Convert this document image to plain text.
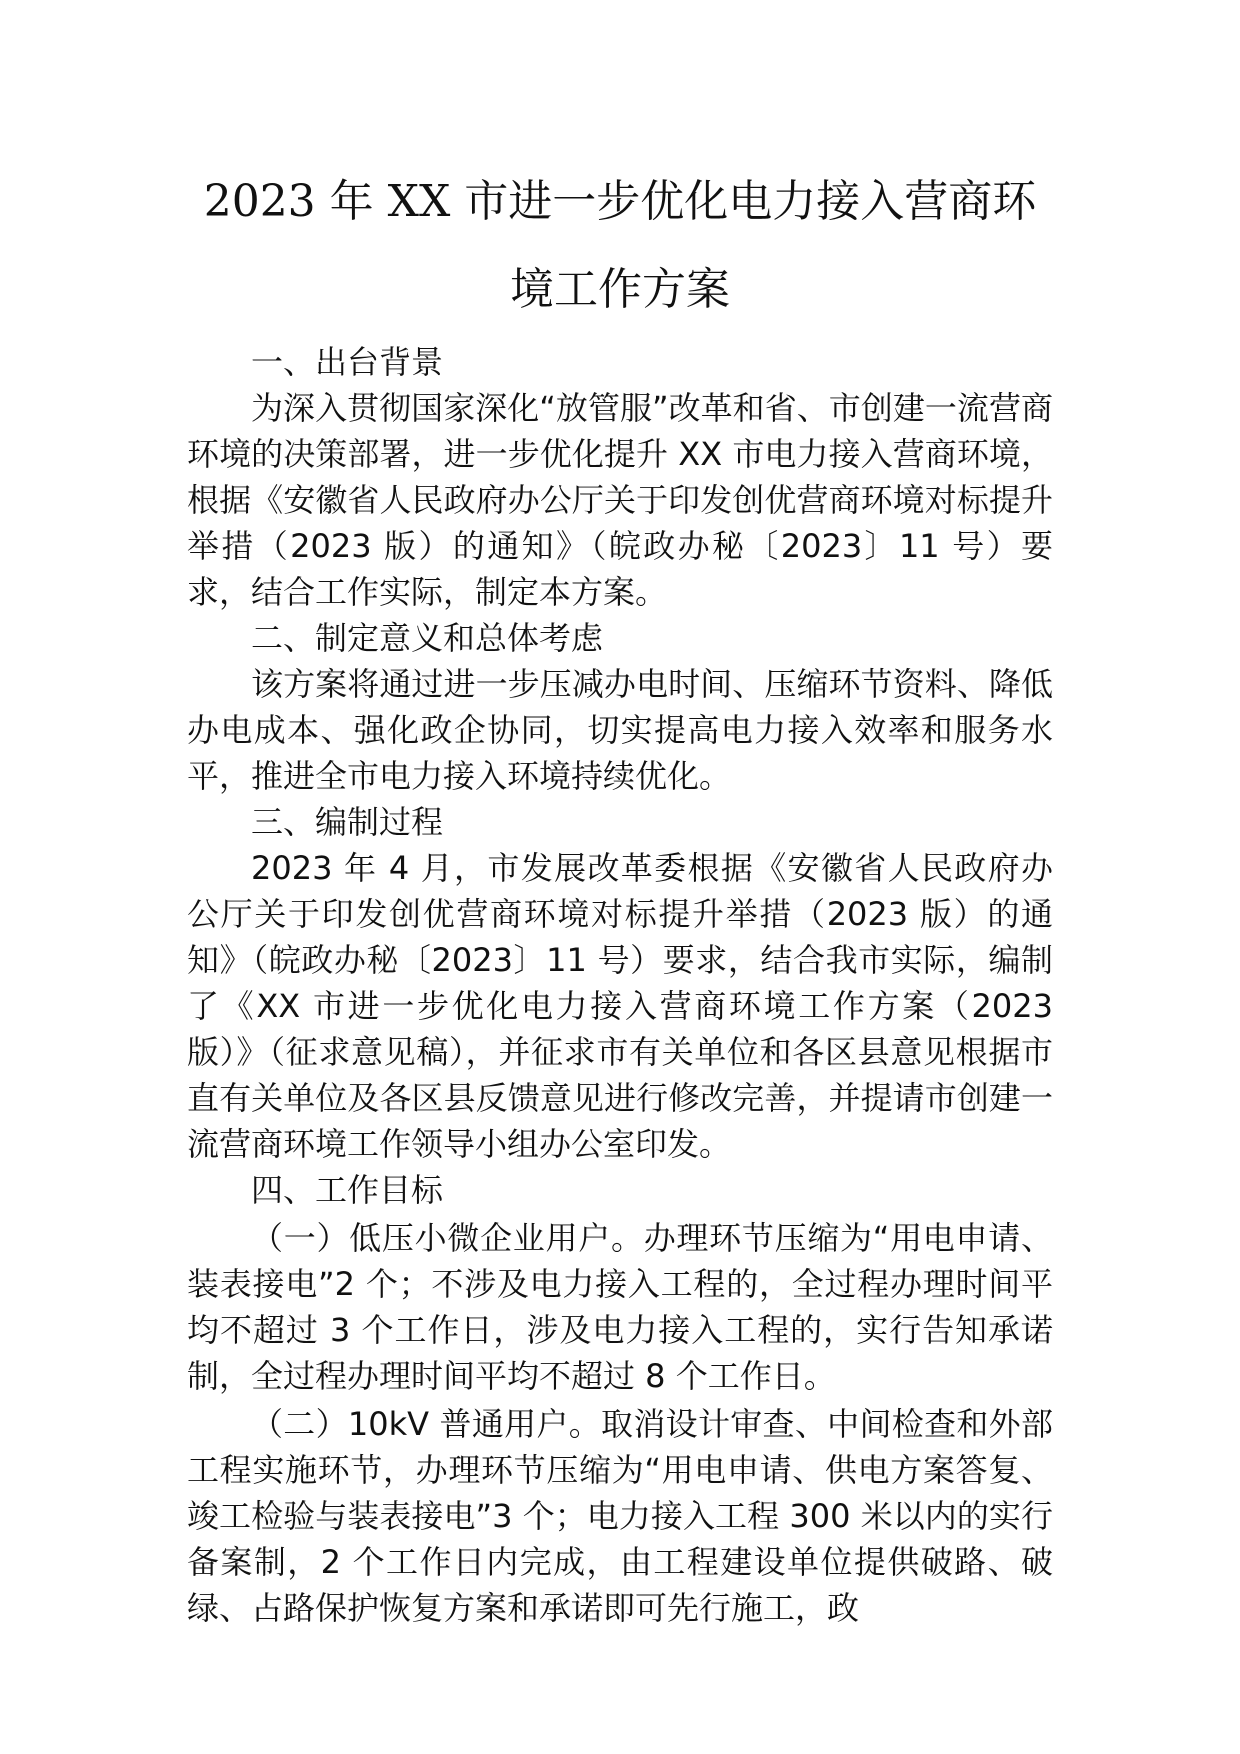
2023 年 XX 市进一步优化电力接入营商环
境工作方案

一、出台背景

为深入贯彻国家深化“放管服”改革和省、市创建一流营商环境的决策部署，进一步优化提升 XX 市电力接入营商环境，根据《安徽省人民政府办公厅关于印发创优营商环境对标提升举措（2023 版）的通知》（皖政办秘〔2023〕11 号）要求，结合工作实际，制定本方案。

二、制定意义和总体考虑

该方案将通过进一步压减办电时间、压缩环节资料、降低办电成本、强化政企协同，切实提高电力接入效率和服务水平，推进全市电力接入环境持续优化。

三、编制过程

2023 年 4 月，市发展改革委根据《安徽省人民政府办公厅关于印发创优营商环境对标提升举措（2023 版）的通知》（皖政办秘〔2023〕11 号）要求，结合我市实际，编制了《XX 市进一步优化电力接入营商环境工作方案（2023 版）》（征求意见稿），并征求市有关单位和各区县意见根据市直有关单位及各区县反馈意见进行修改完善，并提请市创建一流营商环境工作领导小组办公室印发。

四、工作目标

（一）低压小微企业用户。办理环节压缩为“用电申请、装表接电”2 个；不涉及电力接入工程的，全过程办理时间平均不超过 3 个工作日，涉及电力接入工程的，实行告知承诺制，全过程办理时间平均不超过 8 个工作日。

（二）10kV 普通用户。取消设计审查、中间检查和外部工程实施环节，办理环节压缩为“用电申请、供电方案答复、竣工检验与装表接电”3 个；电力接入工程 300 米以内的实行备案制，2 个工作日内完成，由工程建设单位提供破路、破绿、占路保护恢复方案和承诺即可先行施工，政
